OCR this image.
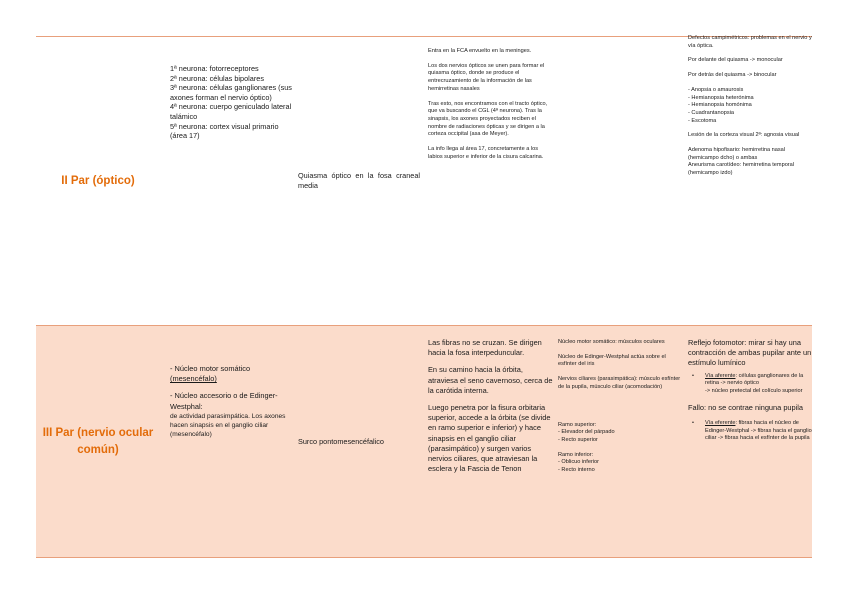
II Par (óptico)
1ª neurona: fotorreceptores
2ª neurona: células bipolares
3ª neurona: células ganglionares (sus axones forman el nervio óptico)
4ª neurona: cuerpo geniculado lateral talámico
5ª neurona: cortex visual primario (área 17)
Quiasma óptico en la fosa craneal media
Entra en la FCA envuelto en la meninges.
Los dos nervios ópticos se unen para formar el quiasma óptico, donde se produce el entrecruzamiento de la información de las hemirretinas nasales
Tras esto, nos encontramos con el tracto óptico, que va buscando el CGL (4ª neurona). Tras la sinapsis, los axones proyectados reciben el nombre de radiaciones ópticas y se dirigen a la corteza occipital (asa de Meyer).
La info llega al área 17, concretamente a los labios superior e inferior de la cisura calcarina.
Defectos campimétricos: problemas en el nervio y vía óptica.
Por delante del quiasma -> monocular
Por detrás del quiasma -> binocular
- Anopsia o amaurosis
- Hemianopsia heterónima
- Hemianopsia homónima
- Cuadrantanopsia
- Escotoma
Lesión de la corteza visual 2ª: agnosia visual
Adenoma hipofisario: hemirretina nasal (hemicampo dcho) o ambas
Aneurisma carotídeo: hemirretina temporal (hemicampo izdo)
III Par (nervio ocular común)
- Núcleo motor somático
(mesencéfalo)
- Núcleo accesorio o de Edinger-Westphal:
de actividad parasimpática. Los axones hacen sinapsis en el ganglio ciliar (mesencéfalo)
Surco pontomesencéfalico
Las fibras no se cruzan. Se dirigen hacia la fosa interpeduncular.
En su camino hacia la órbita, atraviesa el seno cavernoso, cerca de la carótida interna.
Luego penetra por la fisura orbitaria superior, accede a la órbita (se divide en ramo superior e inferior) y hace sinapsis en el ganglio ciliar (parasimpático) y surgen varios nervios ciliares, que atraviesan la esclera y la Fascia de Tenon
Núcleo motor somático: músculos oculares
Núcleo de Edinger-Westphal actúa sobre el esfínter del iris
Nervios ciliares (parasimpática): músculo esfínter de la pupila, músculo ciliar (acomodación)
Ramo superior:
- Elevador del párpado
- Recto superior
Ramo inferior:
- Oblicuo inferior
- Recto interno
Reflejo fotomotor: mirar si hay una contracción de ambas pupilar ante un estímulo lumínico
• Vía aferente: células ganglionares de la retina -> nervio óptico
-> núcleo pretectal del colículo superior
Fallo: no se contrae ninguna pupila
• Vía eferente: fibras hacia el núcleo de Edinger-Westphal -> fibras hacia el ganglio ciliar -> fibras hacia el esfínter de la pupila
